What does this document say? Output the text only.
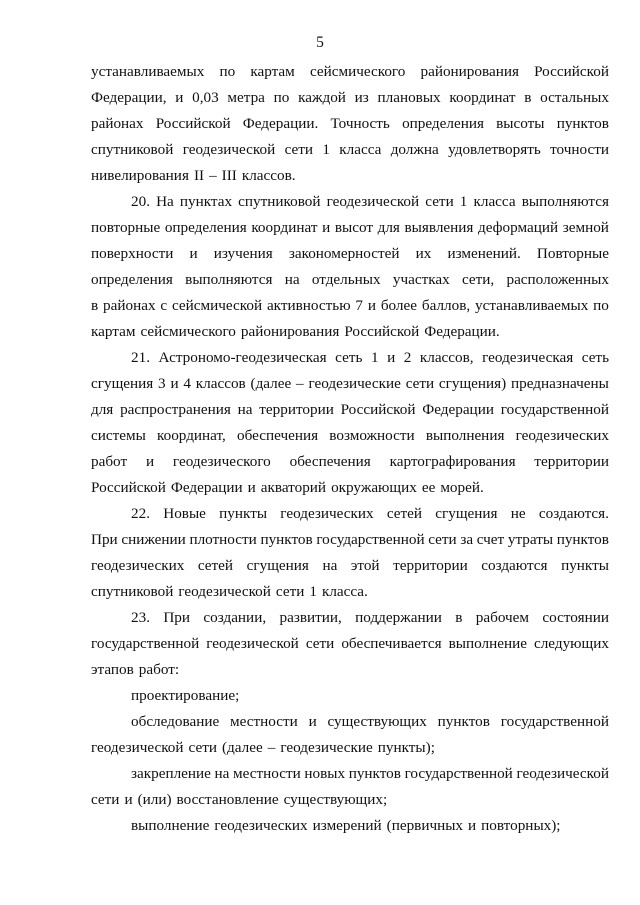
5
устанавливаемых по картам сейсмического районирования Российской
Федерации, и 0,03 метра по каждой из плановых координат в остальных
районах Российской Федерации. Точность определения высоты пунктов
спутниковой геодезической сети 1 класса должна удовлетворять точности
нивелирования II – III классов.
20. На пунктах спутниковой геодезической сети 1 класса выполняются
повторные определения координат и высот для выявления деформаций земной
поверхности и изучения закономерностей их изменений. Повторные
определения выполняются на отдельных участках сети, расположенных
в районах с сейсмической активностью 7 и более баллов, устанавливаемых по
картам сейсмического районирования Российской Федерации.
21. Астрономо-геодезическая сеть 1 и 2 классов, геодезическая сеть
сгущения 3 и 4 классов (далее – геодезические сети сгущения) предназначены
для распространения на территории Российской Федерации государственной
системы координат, обеспечения возможности выполнения геодезических
работ и геодезического обеспечения картографирования территории
Российской Федерации и акваторий окружающих ее морей.
22. Новые пункты геодезических сетей сгущения не создаются.
При снижении плотности пунктов государственной сети за счет утраты пунктов
геодезических сетей сгущения на этой территории создаются пункты
спутниковой геодезической сети 1 класса.
23. При создании, развитии, поддержании в рабочем состоянии
государственной геодезической сети обеспечивается выполнение следующих
этапов работ:
проектирование;
обследование местности и существующих пунктов государственной
геодезической сети (далее – геодезические пункты);
закрепление на местности новых пунктов государственной геодезической
сети и (или) восстановление существующих;
выполнение геодезических измерений (первичных и повторных);
